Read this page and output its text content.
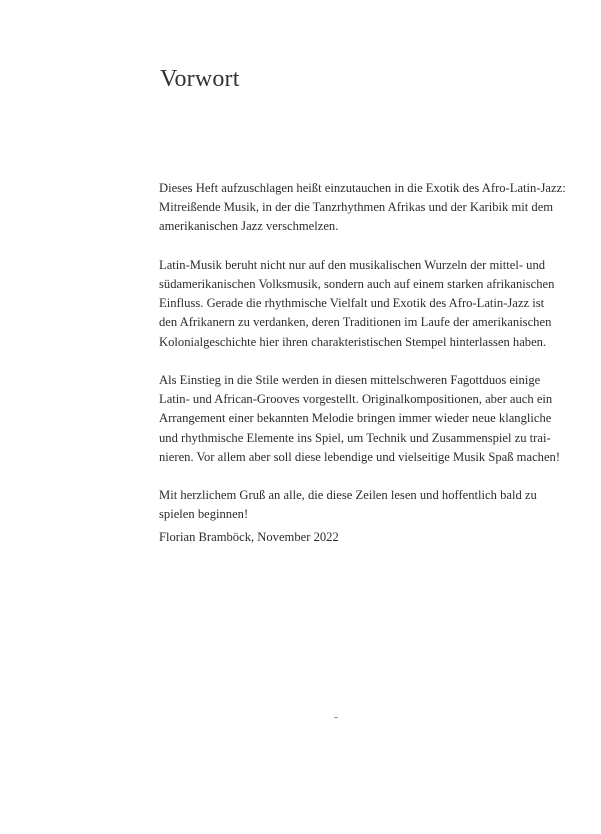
Vorwort

Dieses Heft aufzuschlagen heißt einzutauchen in die Exotik des Afro-Latin-Jazz:
Mitreißende Musik, in der die Tanzrhythmen Afrikas und der Karibik mit dem
amerikanischen Jazz verschmelzen.

Latin-Musik beruht nicht nur auf den musikalischen Wurzeln der mittel- und
südamerikanischen Volksmusik, sondern auch auf einem starken afrikanischen
Einfluss. Gerade die rhythmische Vielfalt und Exotik des Afro-Latin-Jazz ist
den Afrikanern zu verdanken, deren Traditionen im Laufe der amerikanischen
Kolonialgeschichte hier ihren charakteristischen Stempel hinterlassen haben.

Als Einstieg in die Stile werden in diesen mittelschweren Fagottduos einige
Latin- und African-Grooves vorgestellt. Originalkompositionen, aber auch ein
Arrangement einer bekannten Melodie bringen immer wieder neue klangliche
und rhythmische Elemente ins Spiel, um Technik und Zusammenspiel zu trai-
nieren. Vor allem aber soll diese lebendige und vielseitige Musik Spaß machen!

Mit herzlichem Gruß an alle, die diese Zeilen lesen und hoffentlich bald zu
spielen beginnen!

Florian Bramböck, November 2022
